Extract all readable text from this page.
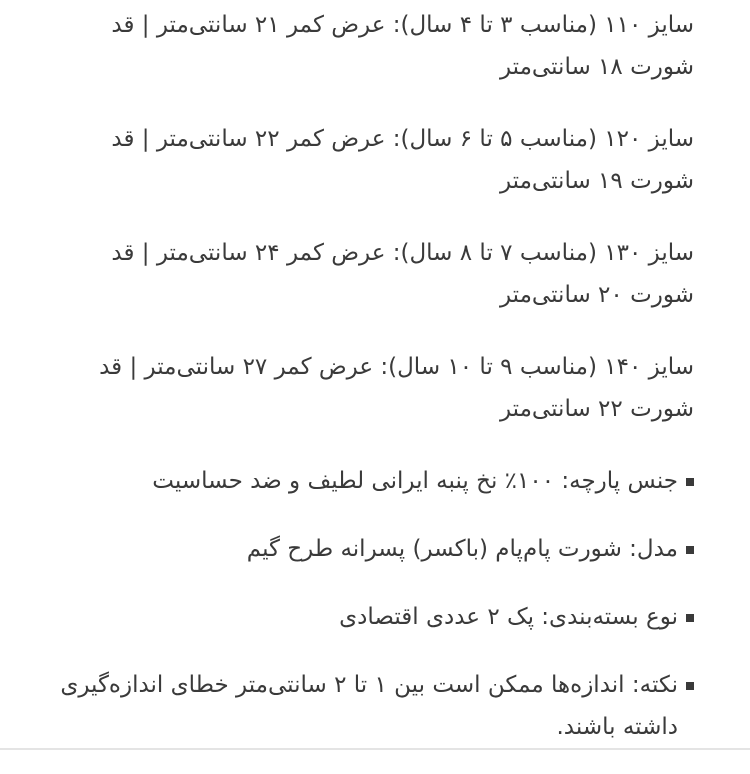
سایز ۱۱۰ (مناسب ۳ تا ۴ سال): عرض کمر ۲۱ سانتی‌متر | قد
شورت ۱۸ سانتی‌متر

سایز ۱۲۰ (مناسب ۵ تا ۶ سال): عرض کمر ۲۲ سانتی‌متر | قد
شورت ۱۹ سانتی‌متر

سایز ۱۳۰ (مناسب ۷ تا ۸ سال): عرض کمر ۲۴ سانتی‌متر | قد
شورت ۲۰ سانتی‌متر

سایز ۱۴۰ (مناسب ۹ تا ۱۰ سال): عرض کمر ۲۷ سانتی‌متر | قد
شورت ۲۲ سانتی‌متر

جنس پارچه: ۱۰۰٪ نخ پنبه ایرانی لطیف و ضد حساسیت
مدل: شورت پام‌پام (باکسر) پسرانه طرح گیم
نوع بسته‌بندی: پک ۲ عددی اقتصادی
نکته: اندازه‌ها ممکن است بین ۱ تا ۲ سانتی‌متر خطای اندازه‌گیری داشته باشند.
